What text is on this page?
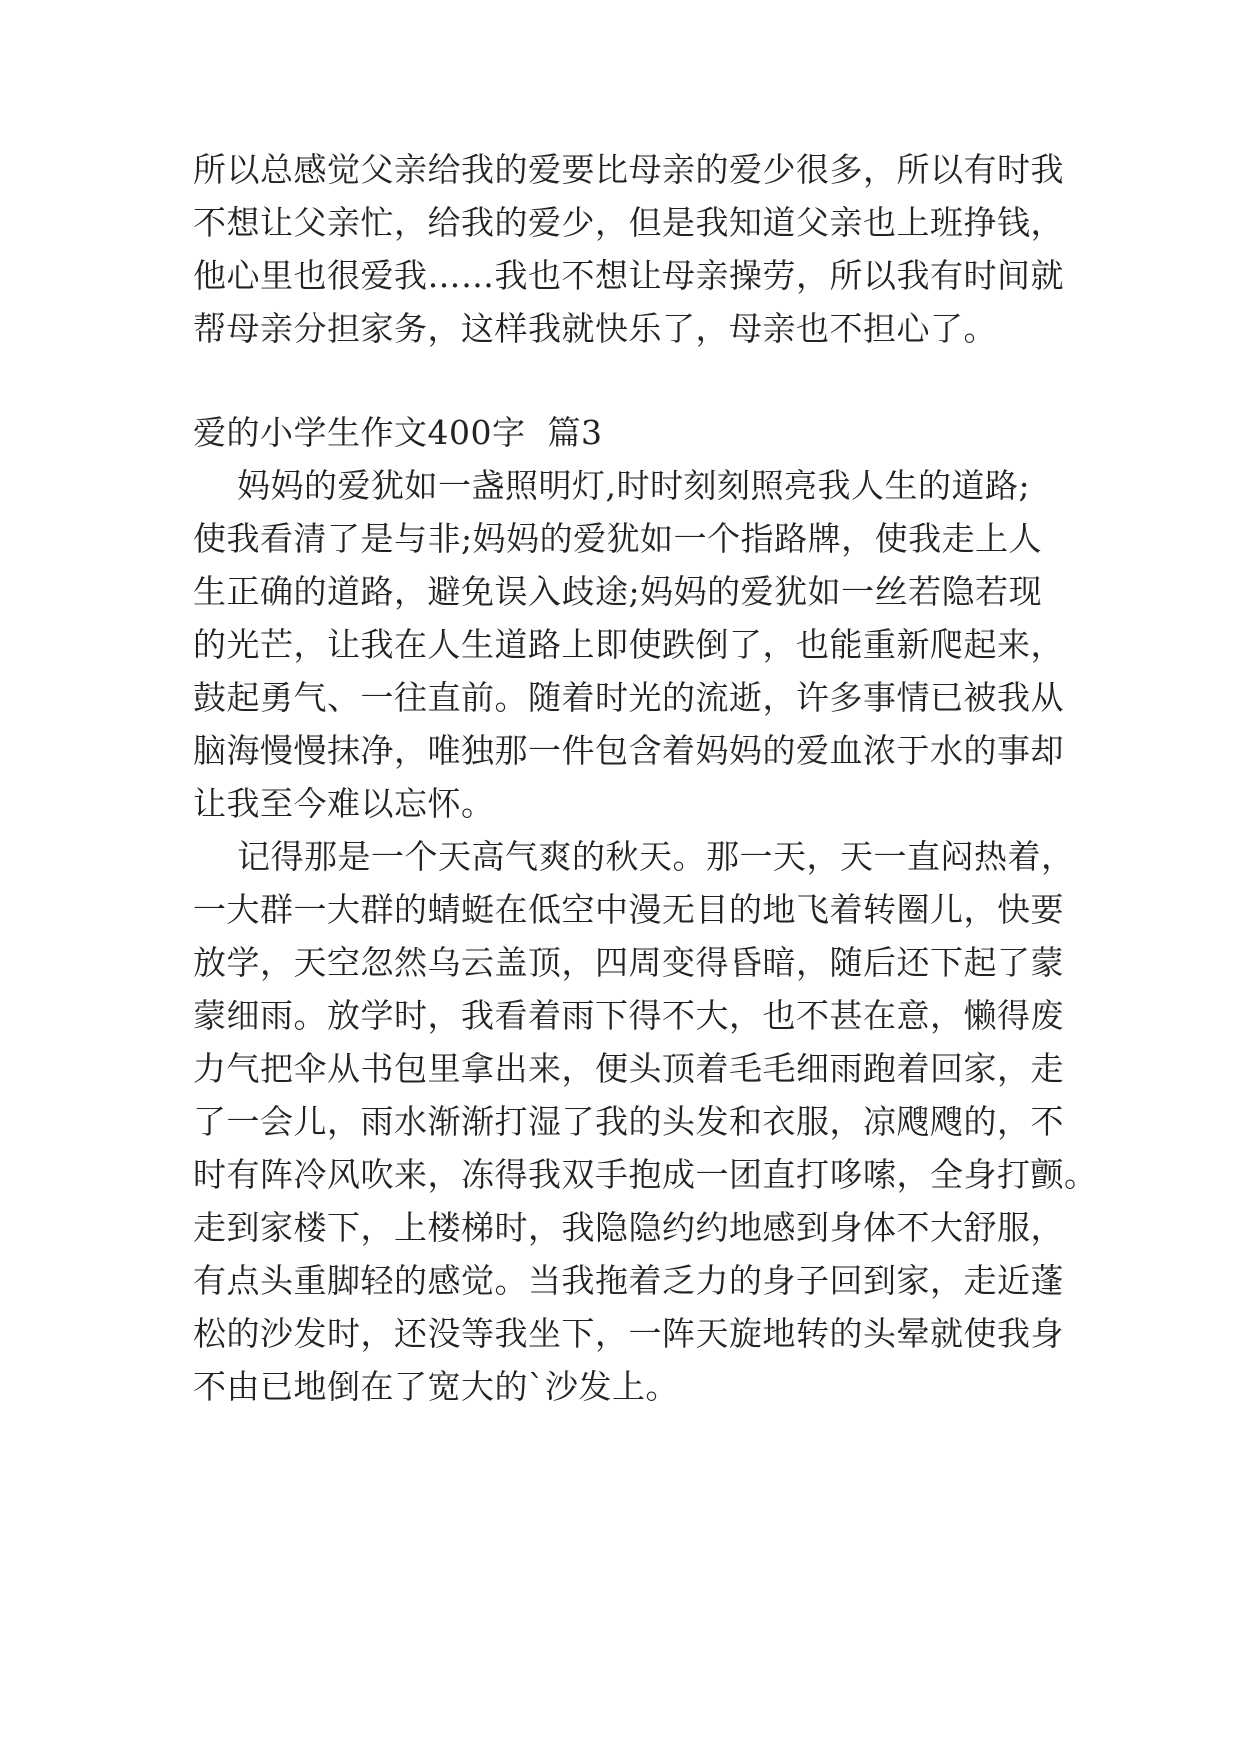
所以总感觉父亲给我的爱要比母亲的爱少很多，所以有时我
不想让父亲忙，给我的爱少，但是我知道父亲也上班挣钱，
他心里也很爱我……我也不想让母亲操劳，所以我有时间就
帮母亲分担家务，这样我就快乐了，母亲也不担心了。
爱的小学生作文400字  篇3
妈妈的爱犹如一盏照明灯,时时刻刻照亮我人生的道路;
使我看清了是与非;妈妈的爱犹如一个指路牌，使我走上人
生正确的道路，避免误入歧途;妈妈的爱犹如一丝若隐若现
的光芒，让我在人生道路上即使跌倒了，也能重新爬起来，
鼓起勇气、一往直前。随着时光的流逝，许多事情已被我从
脑海慢慢抹净，唯独那一件包含着妈妈的爱血浓于水的事却
让我至今难以忘怀。
记得那是一个天高气爽的秋天。那一天，天一直闷热着，
一大群一大群的蜻蜓在低空中漫无目的地飞着转圈儿，快要
放学，天空忽然乌云盖顶，四周变得昏暗，随后还下起了蒙
蒙细雨。放学时，我看着雨下得不大，也不甚在意，懒得废
力气把伞从书包里拿出来，便头顶着毛毛细雨跑着回家，走
了一会儿，雨水渐渐打湿了我的头发和衣服，凉飕飕的，不
时有阵冷风吹来，冻得我双手抱成一团直打哆嗦，全身打颤。
走到家楼下，上楼梯时，我隐隐约约地感到身体不大舒服，
有点头重脚轻的感觉。当我拖着乏力的身子回到家，走近蓬
松的沙发时，还没等我坐下，一阵天旋地转的头晕就使我身
不由已地倒在了宽大的`沙发上。
